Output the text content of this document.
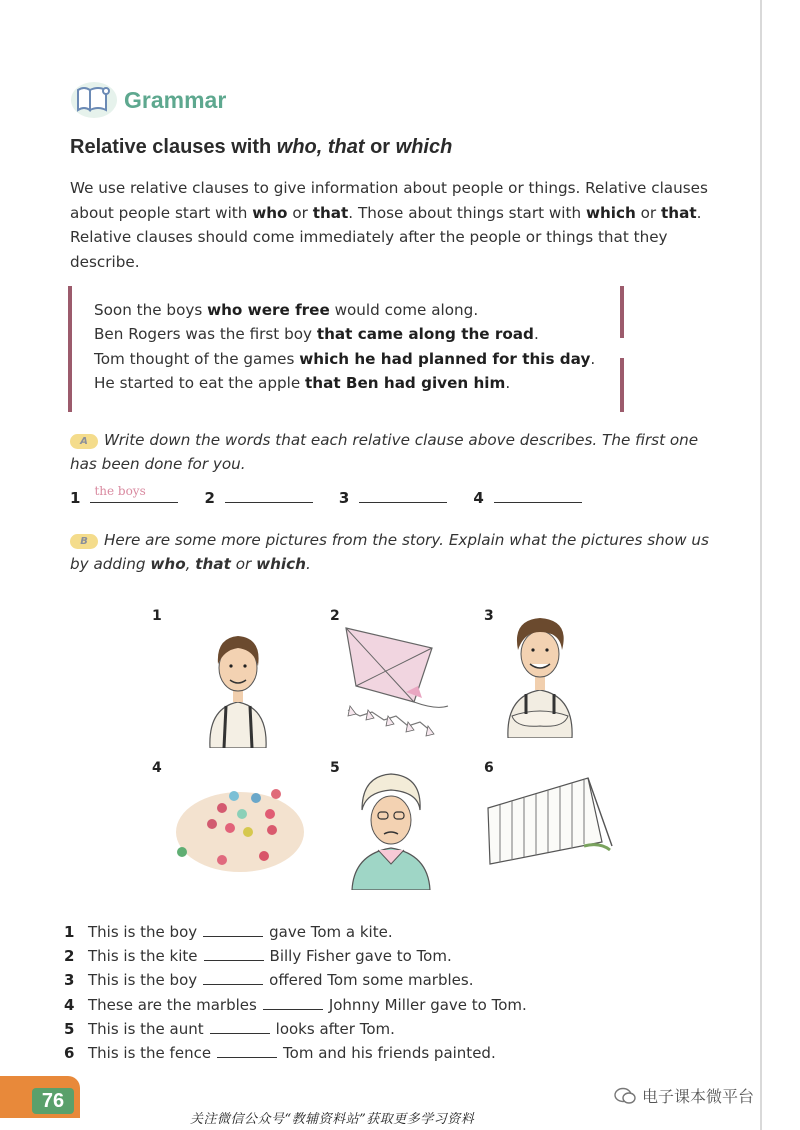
Grammar
Relative clauses with who, that or which
We use relative clauses to give information about people or things. Relative clauses about people start with who or that. Those about things start with which or that. Relative clauses should come immediately after the people or things that they describe.
Soon the boys who were free would come along.
Ben Rogers was the first boy that came along the road.
Tom thought of the games which he had planned for this day.
He started to eat the apple that Ben had given him.
A Write down the words that each relative clause above describes. The first one has been done for you.
1 the boys	2	3	4
B Here are some more pictures from the story. Explain what the pictures show us by adding who, that or which.
1	2	3
4	5	6
1 This is the boy	gave Tom a kite.
2 This is the kite	Billy Fisher gave to Tom.
3 This is the boy	offered Tom some marbles.
4 These are the marbles	Johnny Miller gave to Tom.
5 This is the aunt	looks after Tom.
6 This is the fence	Tom and his friends painted.
76	电子课本微平台
关注微信公众号“教辅资料站”获取更多学习资料
